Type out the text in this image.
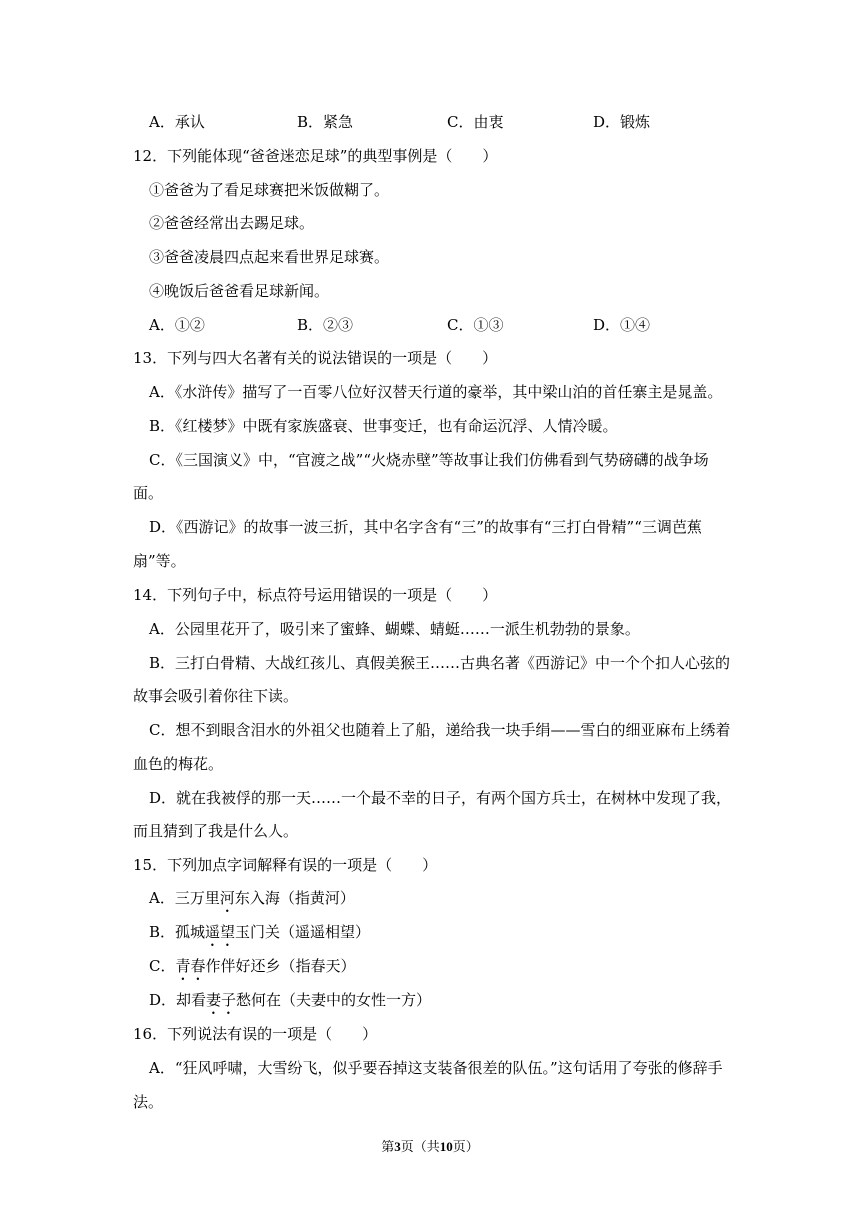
A．承认	B．紧急	C．由衷	D．锻炼
12．下列能体现“爸爸迷恋足球”的典型事例是（　　）
①爸爸为了看足球赛把米饭做糊了。
②爸爸经常出去踢足球。
③爸爸凌晨四点起来看世界足球赛。
④晚饭后爸爸看足球新闻。
A．①②	B．②③	C．①③	D．①④
13．下列与四大名著有关的说法错误的一项是（　　）
A．《水浒传》描写了一百零八位好汉替天行道的豪举，其中梁山泊的首任寨主是晁盖。
B．《红楼梦》中既有家族盛衰、世事变迁，也有命运沉浮、人情冷暖。
C．《三国演义》中，“官渡之战”“火烧赤壁”等故事让我们仿佛看到气势磅礴的战争场
面。
D．《西游记》的故事一波三折，其中名字含有“三”的故事有“三打白骨精”“三调芭蕉
扇”等。
14．下列句子中，标点符号运用错误的一项是（　　）
A．公园里花开了，吸引来了蜜蜂、蝴蝶、蜻蜓……一派生机勃勃的景象。
B．三打白骨精、大战红孩儿、真假美猴王……古典名著《西游记》中一个个扣人心弦的
故事会吸引着你往下读。
C．想不到眼含泪水的外祖父也随着上了船，递给我一块手绢——雪白的细亚麻布上绣着
血色的梅花。
D．就在我被俘的那一天……一个最不幸的日子，有两个国方兵士，在树林中发现了我，
而且猜到了我是什么人。
15．下列加点字词解释有误的一项是（　　）
A．三万里河东入海（指黄河）
B．孤城遥望玉门关（遥遥相望）
C．青春作伴好还乡（指春天）
D．却看妻子愁何在（夫妻中的女性一方）
16．下列说法有误的一项是（　　）
A．“狂风呼啸，大雪纷飞，似乎要吞掉这支装备很差的队伍。”这句话用了夸张的修辞手
法。
第3页（共10页）
